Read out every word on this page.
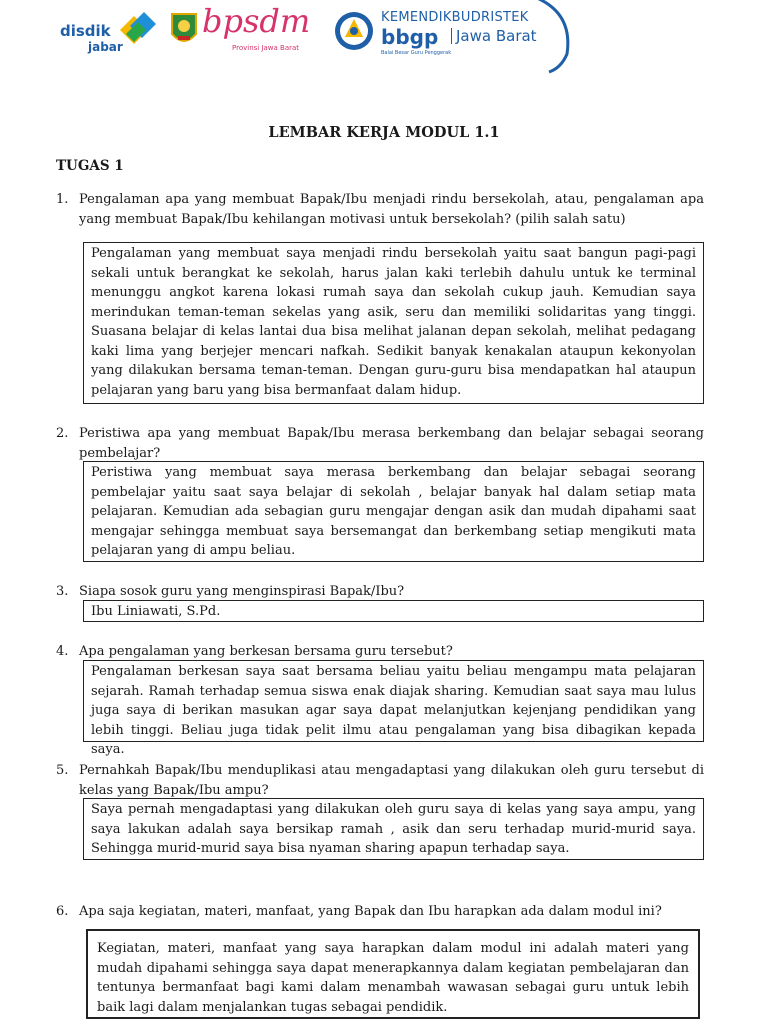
disdik
jabar
bpsdm
Provinsi Jawa Barat
KEMENDIKBUDRISTEK
bbgp	Jawa Barat
Balai Besar Guru Penggerak
LEMBAR KERJA MODUL 1.1
TUGAS 1
1. Pengalaman apa yang membuat Bapak/Ibu menjadi rindu bersekolah, atau, pengalaman apa yang membuat Bapak/Ibu kehilangan motivasi untuk bersekolah? (pilih salah satu)
Pengalaman yang membuat saya menjadi rindu bersekolah yaitu saat bangun pagi-pagi sekali untuk berangkat ke sekolah, harus jalan kaki terlebih dahulu untuk ke terminal menunggu angkot karena lokasi rumah saya dan sekolah cukup jauh. Kemudian saya merindukan teman-teman sekelas yang asik, seru dan memiliki solidaritas yang tinggi. Suasana belajar di kelas lantai dua bisa melihat jalanan depan sekolah, melihat pedagang kaki lima yang berjejer mencari nafkah. Sedikit banyak kenakalan ataupun kekonyolan yang dilakukan bersama teman-teman. Dengan guru-guru bisa mendapatkan hal ataupun pelajaran yang baru yang bisa bermanfaat dalam hidup.
2. Peristiwa apa yang membuat Bapak/Ibu merasa berkembang dan belajar sebagai seorang pembelajar?
Peristiwa yang membuat saya merasa berkembang dan belajar sebagai seorang pembelajar yaitu saat saya belajar di sekolah , belajar banyak hal dalam setiap mata pelajaran. Kemudian ada sebagian guru mengajar dengan asik dan mudah dipahami saat mengajar sehingga membuat saya bersemangat dan berkembang setiap mengikuti mata pelajaran yang di ampu beliau.
3. Siapa sosok guru yang menginspirasi Bapak/Ibu?
Ibu Liniawati, S.Pd.
4. Apa pengalaman yang berkesan bersama guru tersebut?
Pengalaman berkesan saya saat bersama beliau yaitu beliau mengampu mata pelajaran sejarah. Ramah terhadap semua siswa enak diajak sharing. Kemudian saat saya mau lulus juga saya di berikan masukan agar saya dapat melanjutkan kejenjang pendidikan yang lebih tinggi. Beliau juga tidak pelit ilmu atau pengalaman yang bisa dibagikan kepada saya.
5. Pernahkah Bapak/Ibu menduplikasi atau mengadaptasi yang dilakukan oleh guru tersebut di kelas yang Bapak/Ibu ampu?
Saya pernah mengadaptasi yang dilakukan oleh guru saya di kelas yang saya ampu, yang saya lakukan adalah saya bersikap ramah , asik dan seru terhadap murid-murid saya. Sehingga murid-murid saya bisa nyaman sharing apapun terhadap saya.
6. Apa saja kegiatan, materi, manfaat, yang Bapak dan Ibu harapkan ada dalam modul ini?
Kegiatan, materi, manfaat yang saya harapkan dalam modul ini adalah materi yang mudah dipahami sehingga saya dapat menerapkannya dalam kegiatan pembelajaran dan tentunya bermanfaat bagi kami dalam menambah wawasan sebagai guru untuk lebih baik lagi dalam menjalankan tugas sebagai pendidik.
